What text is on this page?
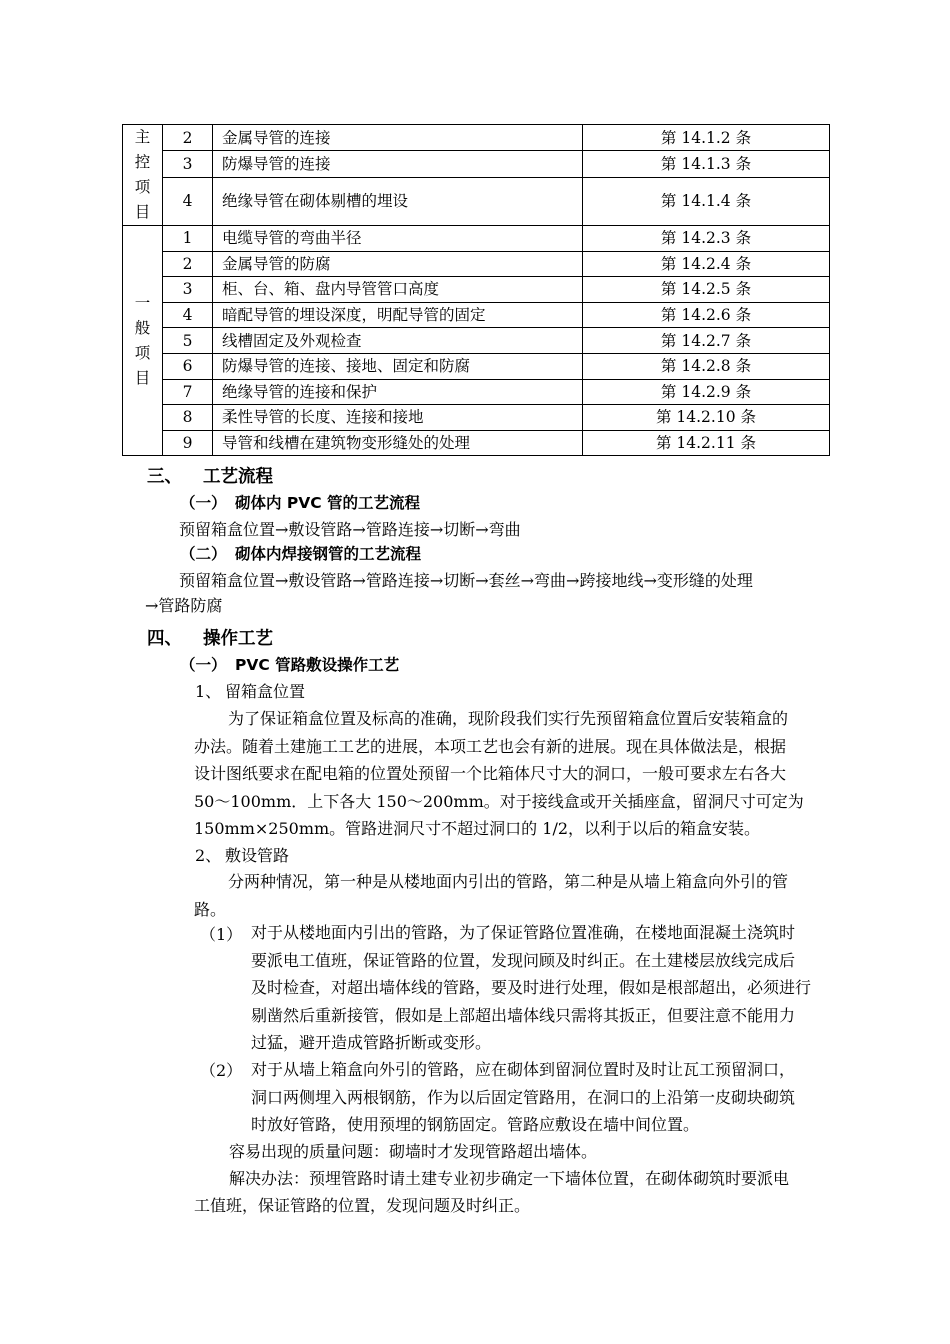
主
控
项
目	2	金属导管的连接	第 14.1.2 条
	3	防爆导管的连接	第 14.1.3 条
	4	绝缘导管在砌体剔槽的埋设	第 14.1.4 条

一
般
项
目	1	电缆导管的弯曲半径	第 14.2.3 条
	2	金属导管的防腐	第 14.2.4 条
	3	柜、台、箱、盘内导管管口高度	第 14.2.5 条
	4	暗配导管的埋设深度，明配导管的固定	第 14.2.6 条
	5	线槽固定及外观检查	第 14.2.7 条
	6	防爆导管的连接、接地、固定和防腐	第 14.2.8 条
	7	绝缘导管的连接和保护	第 14.2.9 条
	8	柔性导管的长度、连接和接地	第 14.2.10 条
	9	导管和线槽在建筑物变形缝处的处理	第 14.2.11 条
三、 工艺流程
（一） 砌体内 PVC 管的工艺流程
预留箱盒位置→敷设管路→管路连接→切断→弯曲
（二） 砌体内焊接钢管的工艺流程
预留箱盒位置→敷设管路→管路连接→切断→套丝→弯曲→跨接地线→变形缝的处理
→管路防腐
四、 操作工艺
（一） PVC 管路敷设操作工艺
1、 留箱盒位置
为了保证箱盒位置及标高的准确，现阶段我们实行先预留箱盒位置后安装箱盒的
办法。随着土建施工工艺的进展，本项工艺也会有新的进展。现在具体做法是，根据
设计图纸要求在配电箱的位置处预留一个比箱体尺寸大的洞口，一般可要求左右各大
50～100mm．上下各大 150～200mm。对于接线盒或开关插座盒，留洞尺寸可定为
150mm×250mm。管路进洞尺寸不超过洞口的 1/2，以利于以后的箱盒安装。
2、 敷设管路
分两种情况，第一种是从楼地面内引出的管路，第二种是从墙上箱盒向外引的管
路。
（1） 对于从楼地面内引出的管路，为了保证管路位置准确，在楼地面混凝土浇筑时
要派电工值班，保证管路的位置，发现问顾及时纠正。在土建楼层放线完成后
及时检查，对超出墙体线的管路，要及时进行处理，假如是根部超出，必须进行
剔凿然后重新接管，假如是上部超出墙体线只需将其扳正，但要注意不能用力
过猛，避开造成管路折断或变形。
（2） 对于从墙上箱盒向外引的管路，应在砌体到留洞位置时及时让瓦工预留洞口，
洞口两侧埋入两根钢筋，作为以后固定管路用，在洞口的上沿第一皮砌块砌筑
时放好管路，使用预埋的钢筋固定。管路应敷设在墙中间位置。
容易出现的质量问题：砌墙时才发现管路超出墙体。
解决办法：预埋管路时请土建专业初步确定一下墙体位置，在砌体砌筑时要派电
工值班，保证管路的位置，发现问题及时纠正。
